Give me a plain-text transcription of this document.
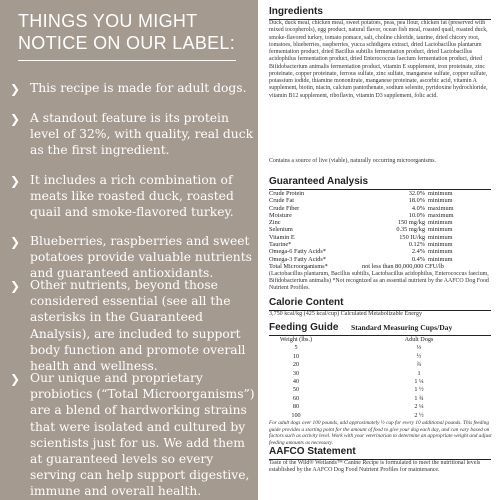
THINGS YOU MIGHT NOTICE ON OUR LABEL:
❯ This recipe is made for adult dogs.
❯ A standout feature is its protein level of 32%, with quality, real duck as the first ingredient.
❯ It includes a rich combination of meats like roasted duck, roasted quail and smoke-flavored turkey.
❯ Blueberries, raspberries and sweet potatoes provide valuable nutrients and guaranteed antioxidants.
❯ Other nutrients, beyond those considered essential (see all the asterisks in the Guaranteed Analysis), are included to support body function and promote overall health and wellness.
❯ Our unique and proprietary probiotics (“Total Microorganisms”) are a blend of hardworking strains that were isolated and cultured by scientists just for us. We add them at guaranteed levels so every serving can help support digestive, immune and overall health.
Ingredients
Duck, duck meal, chicken meal, sweet potatoes, peas, pea flour, chicken fat (preserved with mixed tocopherols), egg product, natural flavor, ocean fish meal, roasted quail, roasted duck, smoke-flavored turkey, tomato pomace, salt, choline chloride, taurine, dried chicory root, tomatoes, blueberries, raspberries, yucca schidigera extract, dried Lactobacillus plantarum fermentation product, dried Bacillus subtilis fermentation product, dried Lactobacillus acidophilus fermentation product, dried Enterococcus faecium fermentation product, dried Bifidobacterium animalis fermentation product, vitamin E supplement, iron proteinate, zinc proteinate, copper proteinate, ferrous sulfate, zinc sulfate, manganese sulfate, copper sulfate, potassium iodide, thiamine mononitrate, manganese proteinate, ascorbic acid, vitamin A supplement, biotin, niacin, calcium pantothenate, sodium selenite, pyridoxine hydrochloride, vitamin B12 supplement, riboflavin, vitamin D3 supplement, folic acid.
Contains a source of live (viable), naturally occurring microorganisms.
Guaranteed Analysis
Crude Protein	32.0% minimum
Crude Fat	18.0% minimum
Crude Fiber	4.0% maximum
Moisture	10.0% maximum
Zinc	150 mg/kg minimum
Selenium	0.35 mg/kg minimum
Vitamin E	150 IU/kg minimum
Taurine*	0.12% minimum
Omega-6 Fatty Acids*	2.4% minimum
Omega-3 Fatty Acids*	0.4% minimum
Total Microorganisms*	not less than 80,000,000 CFU/lb
(Lactobacillus plantarum, Bacillus subtilis, Lactobacillus acidophilus, Enterococcus faecium, Bifidobacterium animalis) *Not recognized as an essential nutrient by the AAFCO Dog Food Nutrient Profiles.
Calorie Content
3,750 kcal/kg (425 kcal/cup) Calculated Metabolizable Energy
Feeding Guide Standard Measuring Cups/Day
Weight (lbs.)	Adult Dogs
5	⅓
10	½
20	¾
30	1
40	1 ¼
50	1 ½
60	1 ¾
80	2 ¼
100	2 ½
For adult dogs over 100 pounds, add approximately ½ cup for every 10 additional pounds. This feeding guide provides a starting point for the amount of food to give your dog each day, and can vary based on factors such as activity level. Work with your veterinarian to determine an appropriate weight and adjust feeding amounts as necessary.
AAFCO Statement
Taste of the Wild® Wetlands™ Canine Recipe is formulated to meet the nutritional levels established by the AAFCO Dog Food Nutrient Profiles for maintenance.
